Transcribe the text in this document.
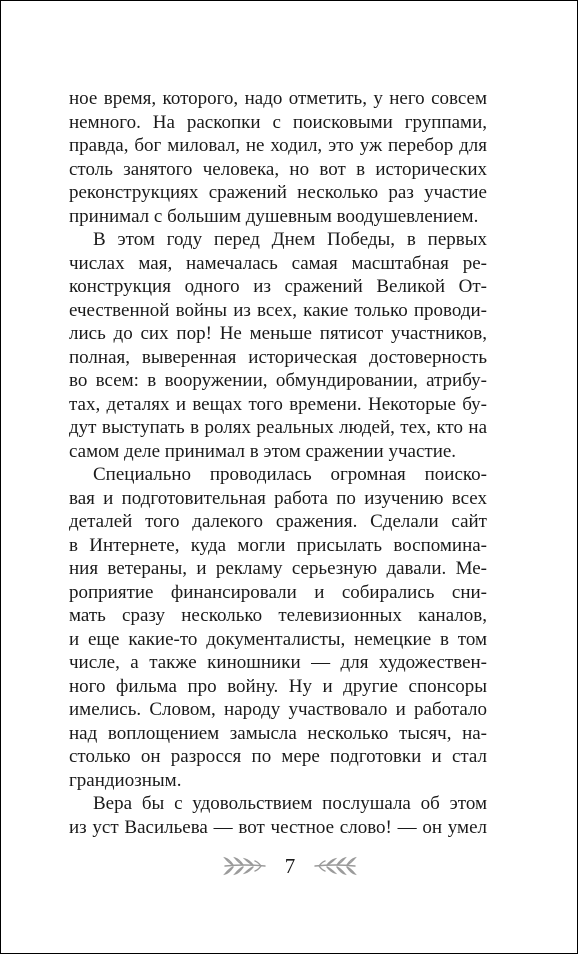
ное время, которого, надо отметить, у него совсем
немного. На раскопки с поисковыми группами,
правда, бог миловал, не ходил, это уж перебор для
столь занятого человека, но вот в исторических
реконструкциях сражений несколько раз участие
принимал с большим душевным воодушевлением.
В этом году перед Днем Победы, в первых
числах мая, намечалась самая масштабная ре-
конструкция одного из сражений Великой От-
ечественной войны из всех, какие только проводи-
лись до сих пор! Не меньше пятисот участников,
полная, выверенная историческая достоверность
во всем: в вооружении, обмундировании, атрибу-
тах, деталях и вещах того времени. Некоторые бу-
дут выступать в ролях реальных людей, тех, кто на
самом деле принимал в этом сражении участие.
Специально проводилась огромная поиско-
вая и подготовительная работа по изучению всех
деталей того далекого сражения. Сделали сайт
в Интернете, куда могли присылать воспомина-
ния ветераны, и рекламу серьезную давали. Ме-
роприятие финансировали и собирались сни-
мать сразу несколько телевизионных каналов,
и еще какие-то документалисты, немецкие в том
числе, а также киношники — для художествен-
ного фильма про войну. Ну и другие спонсоры
имелись. Словом, народу участвовало и работало
над воплощением замысла несколько тысяч, на-
столько он разросся по мере подготовки и стал
грандиозным.
Вера бы с удовольствием послушала об этом
из уст Васильева — вот честное слово! — он умел
7
